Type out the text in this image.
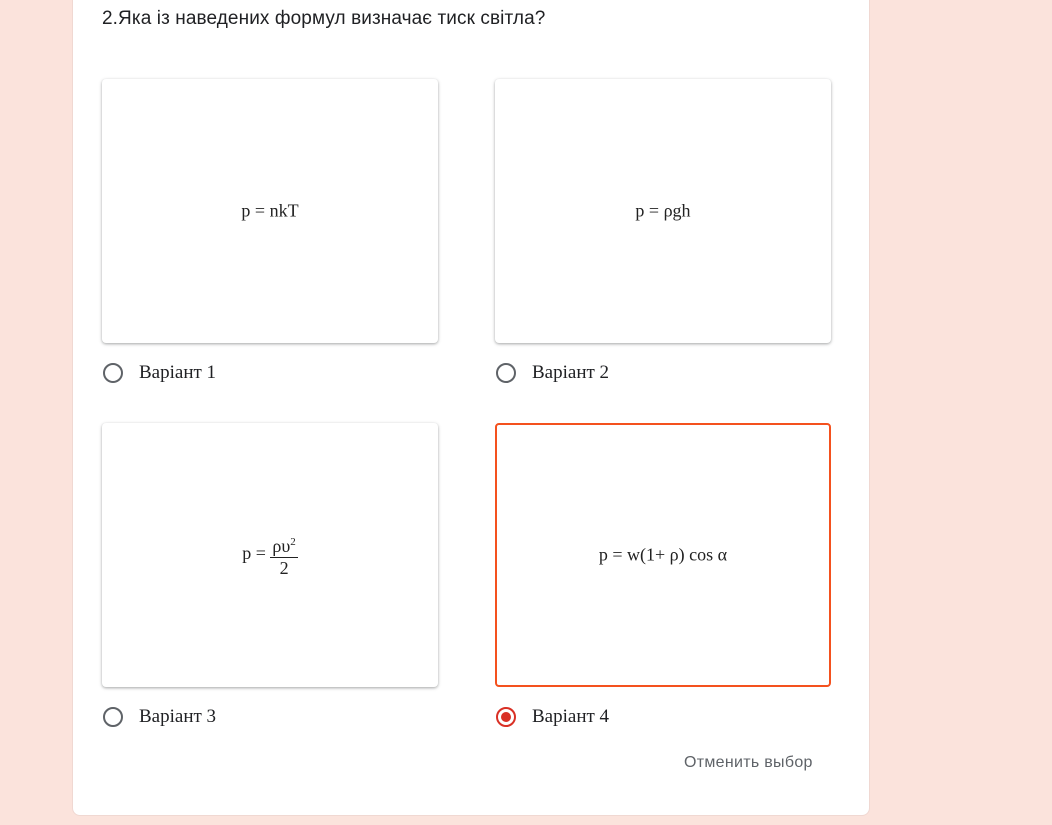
2.Яка із наведених формул визначає тиск світла?
p = nkT
Варіант 1
p = ρgh
Варіант 2
$p = \frac{\rho\upsilon^2}{2}$
Варіант 3
p = w(1+ ρ) cos α
Варіант 4
Отменить выбор
